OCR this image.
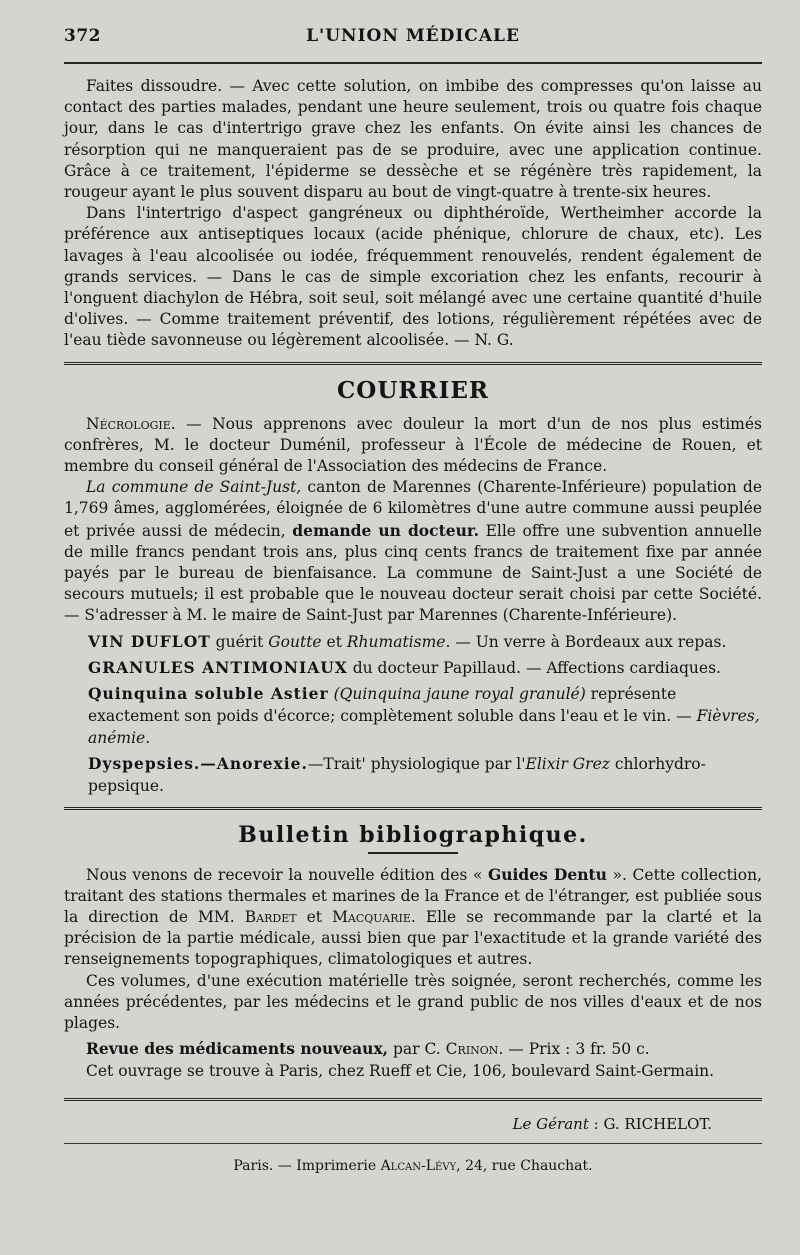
372	L'UNION MÉDICALE

Faites dissoudre. — Avec cette solution, on imbibe des compresses qu'on laisse au contact des parties malades, pendant une heure seulement, trois ou quatre fois chaque jour, dans le cas d'intertrigo grave chez les enfants. On évite ainsi les chances de résorption qui ne manqueraient pas de se produire, avec une application continue. Grâce à ce traitement, l'épiderme se dessèche et se régénère très rapidement, la rougeur ayant le plus souvent disparu au bout de vingt-quatre à trente-six heures.

Dans l'intertrigo d'aspect gangréneux ou diphthéroïde, Wertheimher accorde la préférence aux antiseptiques locaux (acide phénique, chlorure de chaux, etc). Les lavages à l'eau alcoolisée ou iodée, fréquemment renouvelés, rendent également de grands services. — Dans le cas de simple excoriation chez les enfants, recourir à l'onguent diachylon de Hébra, soit seul, soit mélangé avec une certaine quantité d'huile d'olives. — Comme traitement préventif, des lotions, régulièrement répétées avec de l'eau tiède savonneuse ou légèrement alcoolisée. — N. G.

COURRIER

Nécrologie. — Nous apprenons avec douleur la mort d'un de nos plus estimés confrères, M. le docteur Duménil, professeur à l'École de médecine de Rouen, et membre du conseil général de l'Association des médecins de France.

La commune de Saint-Just, canton de Marennes (Charente-Inférieure) population de 1,769 âmes, agglomérées, éloignée de 6 kilomètres d'une autre commune aussi peuplée et privée aussi de médecin, demande un docteur. Elle offre une subvention annuelle de mille francs pendant trois ans, plus cinq cents francs de traitement fixe par année payés par le bureau de bienfaisance. La commune de Saint-Just a une Société de secours mutuels; il est probable que le nouveau docteur serait choisi par cette Société. — S'adresser à M. le maire de Saint-Just par Marennes (Charente-Inférieure).

VIN DUFLOT guérit Goutte et Rhumatisme. — Un verre à Bordeaux aux repas.
GRANULES ANTIMONIAUX du docteur Papillaud. — Affections cardiaques.
Quinquina soluble Astier (Quinquina jaune royal granulé) représente exactement son poids d'écorce; complètement soluble dans l'eau et le vin. — Fièvres, anémie.
Dyspepsies.—Anorexie.—Trait' physiologique par l'Elixir Grez chlorhydro-pepsique.
Bulletin bibliographique.

Nous venons de recevoir la nouvelle édition des « Guides Dentu ». Cette collection, traitant des stations thermales et marines de la France et de l'étranger, est publiée sous la direction de MM. Bardet et Macquarie. Elle se recommande par la clarté et la précision de la partie médicale, aussi bien que par l'exactitude et la grande variété des renseignements topographiques, climatologiques et autres.

Ces volumes, d'une exécution matérielle très soignée, seront recherchés, comme les années précédentes, par les médecins et le grand public de nos villes d'eaux et de nos plages.

Revue des médicaments nouveaux, par C. Crinon. — Prix : 3 fr. 50 c.

Cet ouvrage se trouve à Paris, chez Rueff et Cie, 106, boulevard Saint-Germain.

Le Gérant : G. RICHELOT.
Paris. — Imprimerie Alcan-Lévy, 24, rue Chauchat.
